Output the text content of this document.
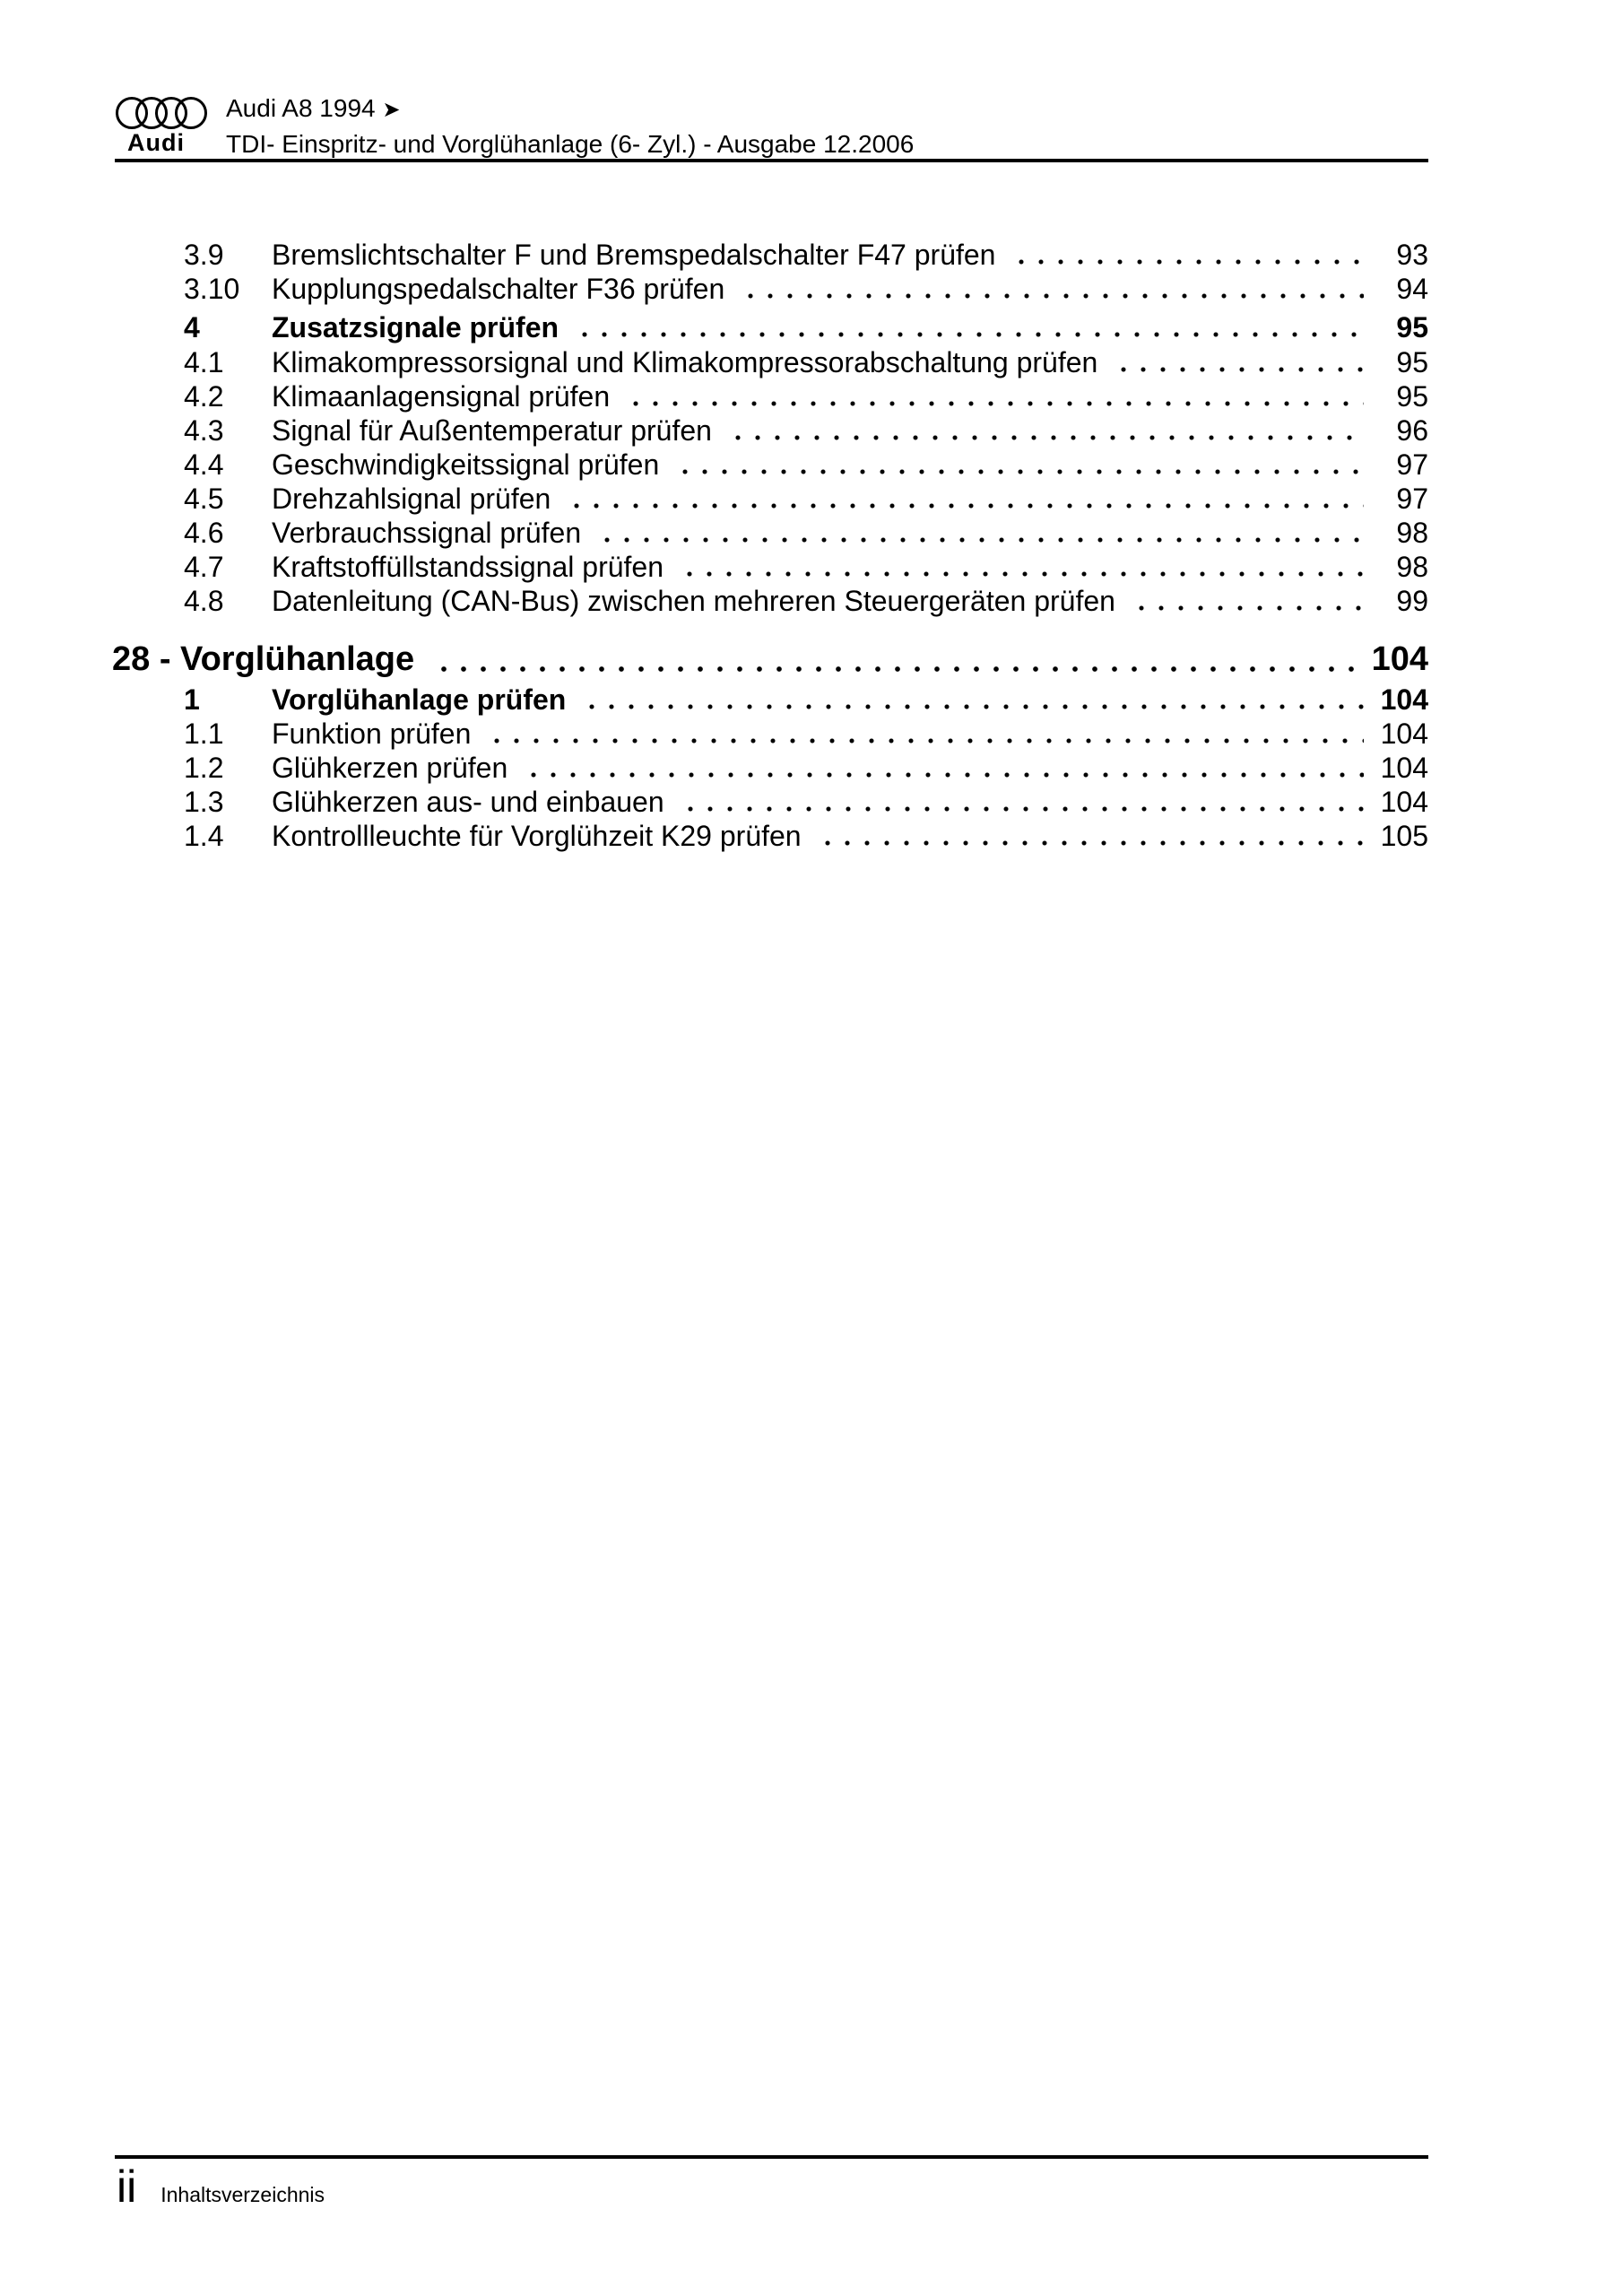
Audi
Audi A8 1994 ➤
TDI- Einspritz- und Vorglühanlage (6- Zyl.) - Ausgabe 12.2006
3.9	Bremslichtschalter F und Bremspedalschalter F47 prüfen	93
3.10	Kupplungspedalschalter F36 prüfen	94
4	Zusatzsignale prüfen	95
4.1	Klimakompressorsignal und Klimakompressorabschaltung prüfen	95
4.2	Klimaanlagensignal prüfen	95
4.3	Signal für Außentemperatur prüfen	96
4.4	Geschwindigkeitssignal prüfen	97
4.5	Drehzahlsignal prüfen	97
4.6	Verbrauchssignal prüfen	98
4.7	Kraftstoffüllstandssignal prüfen	98
4.8	Datenleitung (CAN-Bus) zwischen mehreren Steuergeräten prüfen	99
28 - Vorglühanlage	104
1	Vorglühanlage prüfen	104
1.1	Funktion prüfen	104
1.2	Glühkerzen prüfen	104
1.3	Glühkerzen aus- und einbauen	104
1.4	Kontrollleuchte für Vorglühzeit K29 prüfen	105
ii Inhaltsverzeichnis
